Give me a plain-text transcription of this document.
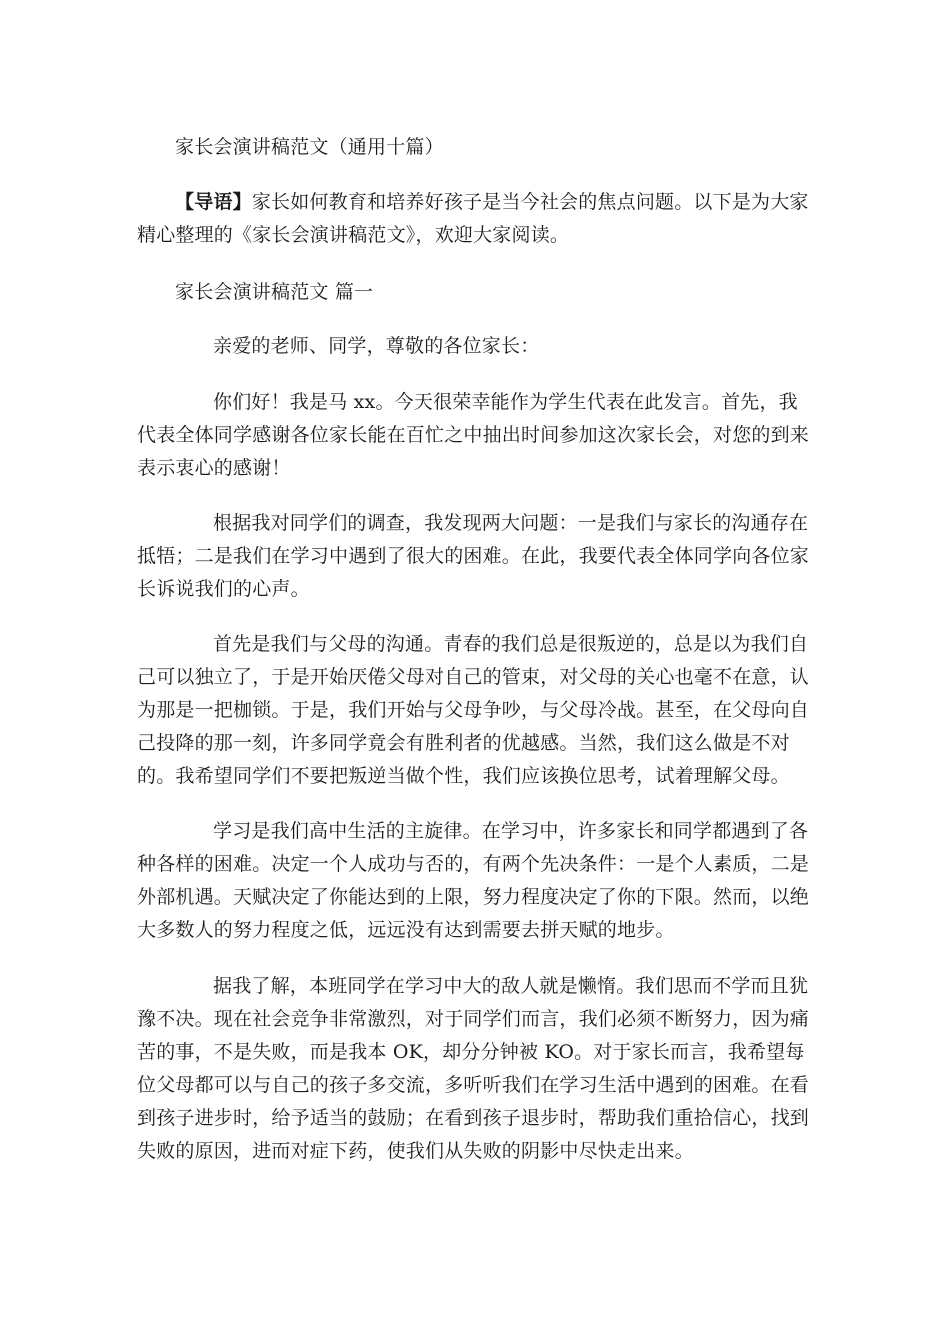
家长会演讲稿范文（通用十篇）

【导语】家长如何教育和培养好孩子是当今社会的焦点问题。以下是为大家精心整理的《家长会演讲稿范文》，欢迎大家阅读。

家长会演讲稿范文 篇一

亲爱的老师、同学，尊敬的各位家长：

你们好！我是马 xx。今天很荣幸能作为学生代表在此发言。首先，我代表全体同学感谢各位家长能在百忙之中抽出时间参加这次家长会，对您的到来表示衷心的感谢！

根据我对同学们的调查，我发现两大问题：一是我们与家长的沟通存在抵牾；二是我们在学习中遇到了很大的困难。在此，我要代表全体同学向各位家长诉说我们的心声。

首先是我们与父母的沟通。青春的我们总是很叛逆的，总是以为我们自己可以独立了，于是开始厌倦父母对自己的管束，对父母的关心也毫不在意，认为那是一把枷锁。于是，我们开始与父母争吵，与父母冷战。甚至，在父母向自己投降的那一刻，许多同学竟会有胜利者的优越感。当然，我们这么做是不对的。我希望同学们不要把叛逆当做个性，我们应该换位思考，试着理解父母。

学习是我们高中生活的主旋律。在学习中，许多家长和同学都遇到了各种各样的困难。决定一个人成功与否的，有两个先决条件：一是个人素质，二是外部机遇。天赋决定了你能达到的上限，努力程度决定了你的下限。然而，以绝大多数人的努力程度之低，远远没有达到需要去拼天赋的地步。

据我了解，本班同学在学习中大的敌人就是懒惰。我们思而不学而且犹豫不决。现在社会竞争非常激烈，对于同学们而言，我们必须不断努力，因为痛苦的事，不是失败，而是我本 OK，却分分钟被 KO。对于家长而言，我希望每位父母都可以与自己的孩子多交流，多听听我们在学习生活中遇到的困难。在看到孩子进步时，给予适当的鼓励；在看到孩子退步时，帮助我们重拾信心，找到失败的原因，进而对症下药，使我们从失败的阴影中尽快走出来。
